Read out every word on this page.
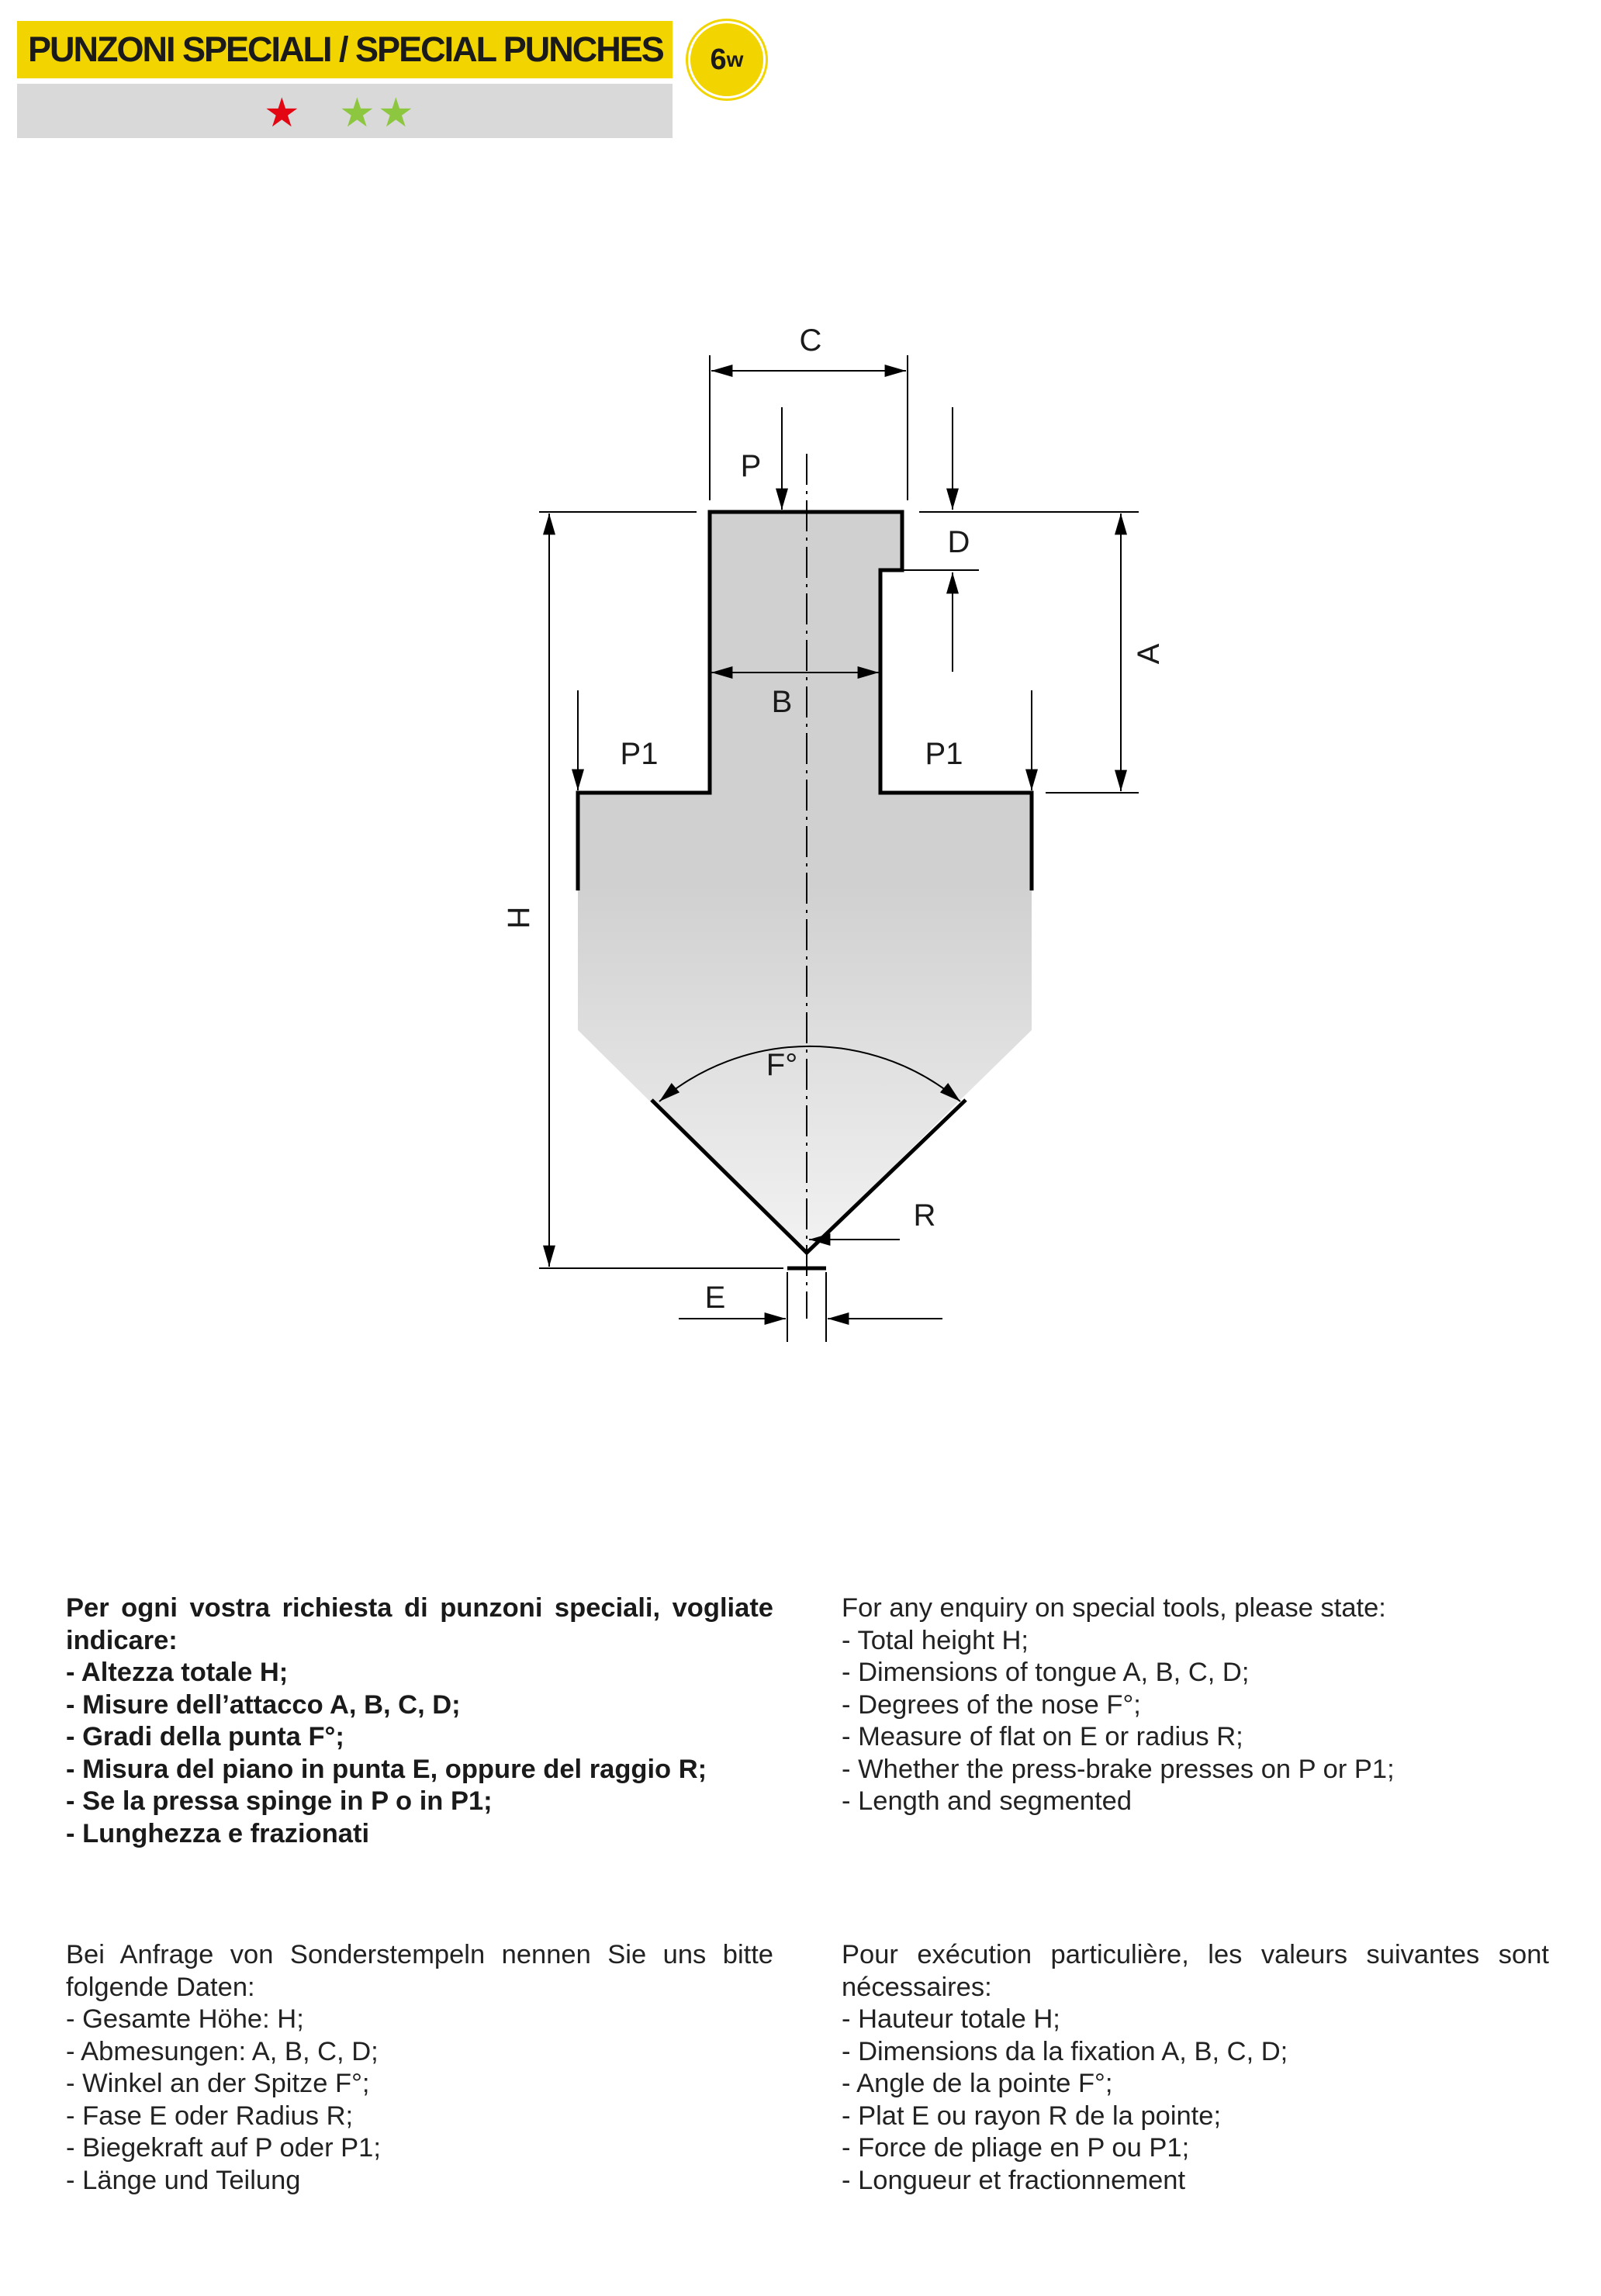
PUNZONI SPECIALI / SPECIAL PUNCHES
★ ★ ★
6 w
C
P
D
A
B
P1	P1
H
F°
R
E

Per ogni vostra richiesta di punzoni speciali, vogliate indicare:

- Altezza totale H;
- Misure dell’attacco A, B, C, D;
- Gradi della punta F°;
- Misura del piano in punta E, oppure del raggio R;
- Se la pressa spinge in P o in P1;
- Lunghezza e frazionati

For any enquiry on special tools, please state:

- Total height H;
- Dimensions of tongue A, B, C, D;
- Degrees of the nose F°;
- Measure of flat on E or radius R;
- Whether the press-brake presses on P or P1;
- Length and segmented

Bei Anfrage von Sonderstempeln nennen Sie uns bitte folgende Daten:

- Gesamte Höhe: H;
- Abmesungen: A, B, C, D;
- Winkel an der Spitze F°;
- Fase E oder Radius R;
- Biegekraft auf P oder P1;
- Länge und Teilung

Pour exécution particulière, les valeurs suivantes sont nécessaires:

- Hauteur totale H;
- Dimensions da la fixation A, B, C, D;
- Angle de la pointe F°;
- Plat E ou rayon R de la pointe;
- Force de pliage en P ou P1;
- Longueur et fractionnement
